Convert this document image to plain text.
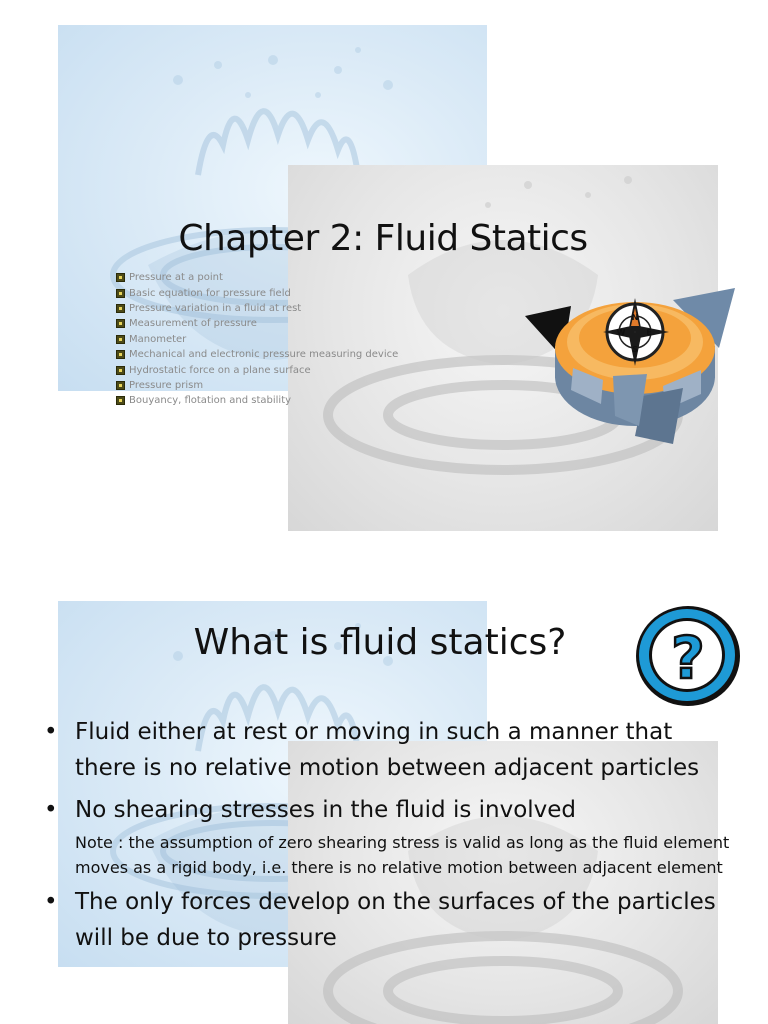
Chapter 2: Fluid Statics
Pressure at a point
Basic equation for pressure field
Pressure variation in a fluid at rest
Measurement of pressure
Manometer
Mechanical and electronic pressure measuring device
Hydrostatic force on a plane surface
Pressure prism
Bouyancy, flotation and stability
N
S
W	E
What is fluid statics?	?
• Fluid either at rest or moving in such a manner that there is no relative motion between adjacent particles
• No shearing stresses in the fluid is involved
Note : the assumption of zero shearing stress is valid as long as the fluid element moves as a rigid body, i.e. there is no relative motion between adjacent element
• The only forces develop on the surfaces of the particles will be due to pressure
